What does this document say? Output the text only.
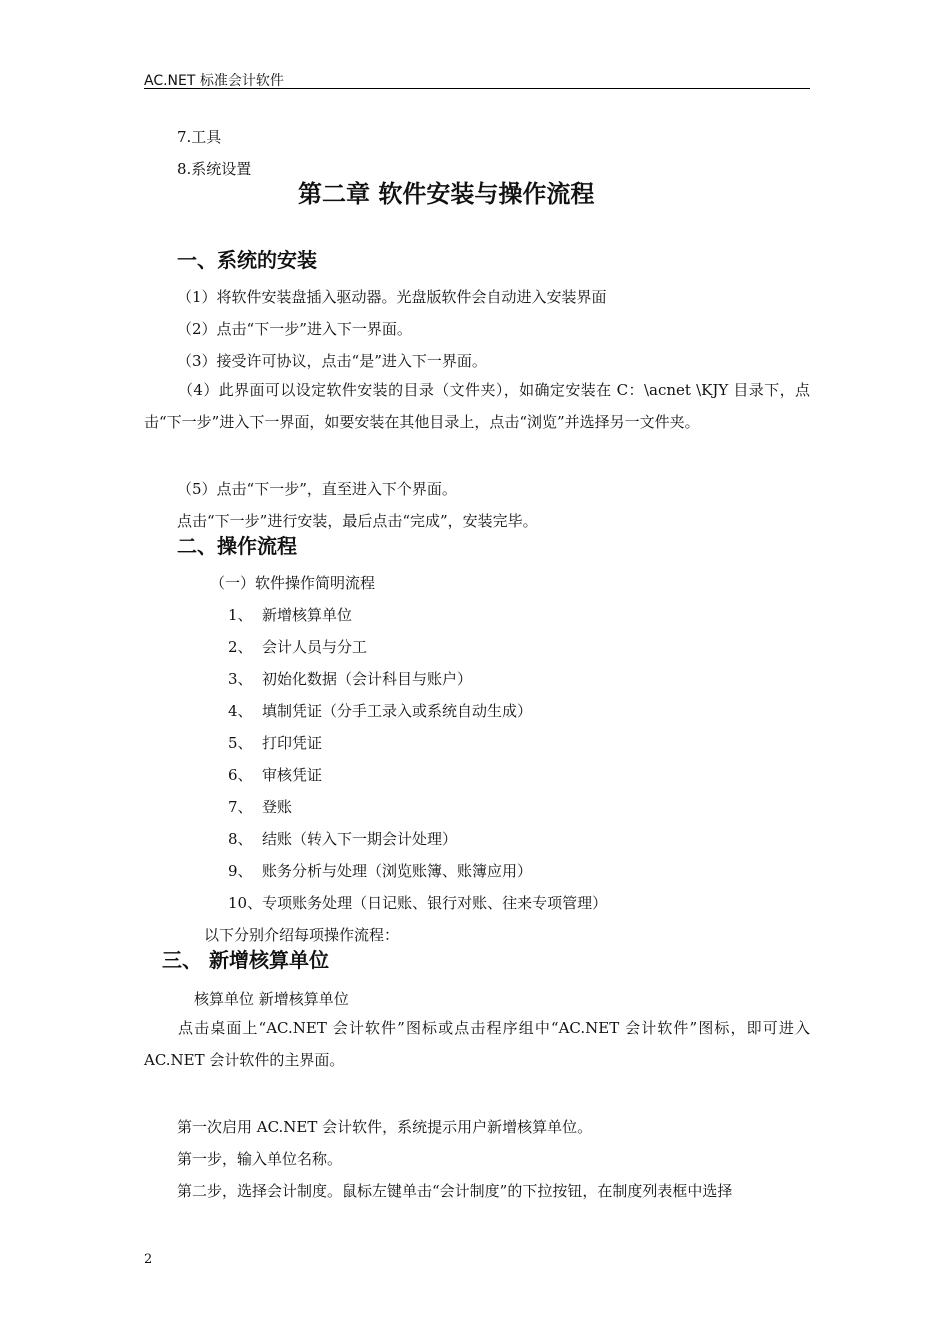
AC.NET 标准会计软件
7.工具
8.系统设置
第二章 软件安装与操作流程
一、系统的安装
（1）将软件安装盘插入驱动器。光盘版软件会自动进入安装界面
（2）点击“下一步”进入下一界面。
（3）接受许可协议，点击“是”进入下一界面。
（4）此界面可以设定软件安装的目录（文件夹），如确定安装在 C：\acnet \KJY 目录下，点击“下一步”进入下一界面，如要安装在其他目录上，点击“浏览”并选择另一文件夹。
（5）点击“下一步”，直至进入下个界面。
点击“下一步”进行安装，最后点击“完成”，安装完毕。
二、操作流程
（一）软件操作简明流程
1、 新增核算单位
2、 会计人员与分工
3、 初始化数据（会计科目与账户）
4、 填制凭证（分手工录入或系统自动生成）
5、 打印凭证
6、 审核凭证
7、 登账
8、 结账（转入下一期会计处理）
9、 账务分析与处理（浏览账簿、账簿应用）
10、专项账务处理（日记账、银行对账、往来专项管理）
以下分别介绍每项操作流程：
三、 新增核算单位
核算单位 新增核算单位
点击桌面上“AC.NET 会计软件”图标或点击程序组中“AC.NET 会计软件”图标，即可进入 AC.NET 会计软件的主界面。
第一次启用 AC.NET 会计软件，系统提示用户新增核算单位。
第一步，输入单位名称。
第二步，选择会计制度。鼠标左键单击“会计制度”的下拉按钮，在制度列表框中选择
2
